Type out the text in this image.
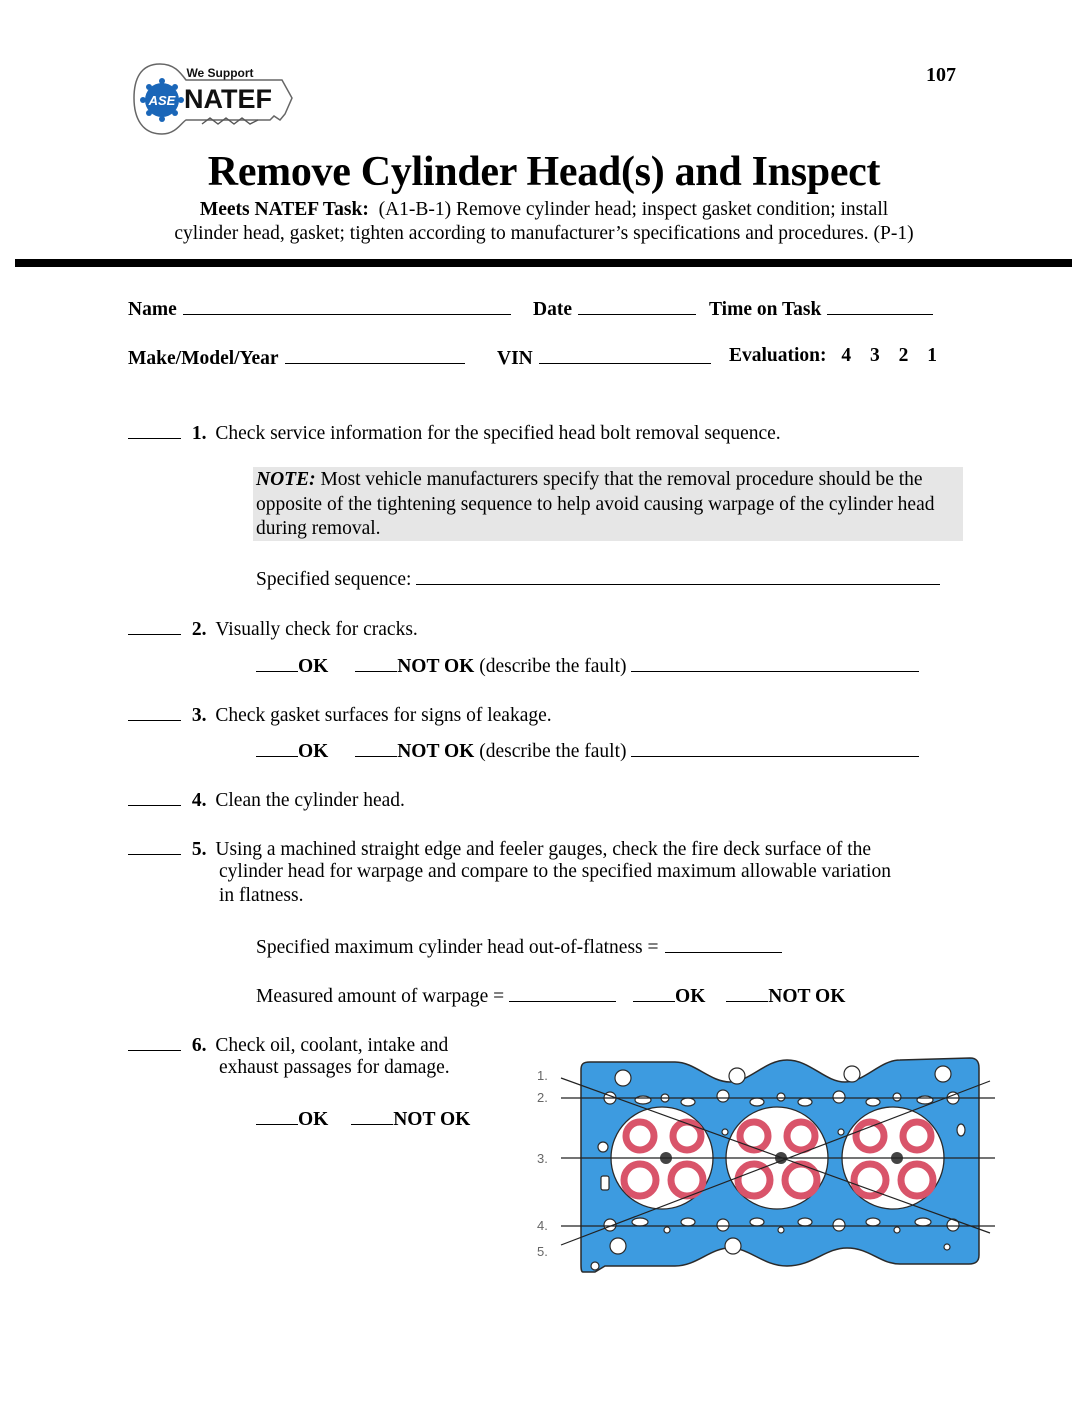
ASE
We Support
NATEF
107
Remove Cylinder Head(s) and Inspect
Meets NATEF Task: (A1-B-1) Remove cylinder head; inspect gasket condition; install
cylinder head, gasket; tighten according to manufacturer’s specifications and procedures. (P-1)
Name	Date	Time on Task
Make/Model/Year	VIN	Evaluation: 4 3 2 1
1. Check service information for the specified head bolt removal sequence.
NOTE: Most vehicle manufacturers specify that the removal procedure should be the opposite of the tightening sequence to help avoid causing warpage of the cylinder head during removal.
Specified sequence:
2. Visually check for cracks.
OK	NOT OK (describe the fault)
3. Check gasket surfaces for signs of leakage.
OK	NOT OK (describe the fault)
4. Clean the cylinder head.
5. Using a machined straight edge and feeler gauges, check the fire deck surface of the
cylinder head for warpage and compare to the specified maximum allowable variation
in flatness.
Specified maximum cylinder head out-of-flatness =
Measured amount of warpage =	OK	NOT OK
6. Check oil, coolant, intake and
exhaust passages for damage.
OK	NOT OK
1.
2.
3.
4.
5.
